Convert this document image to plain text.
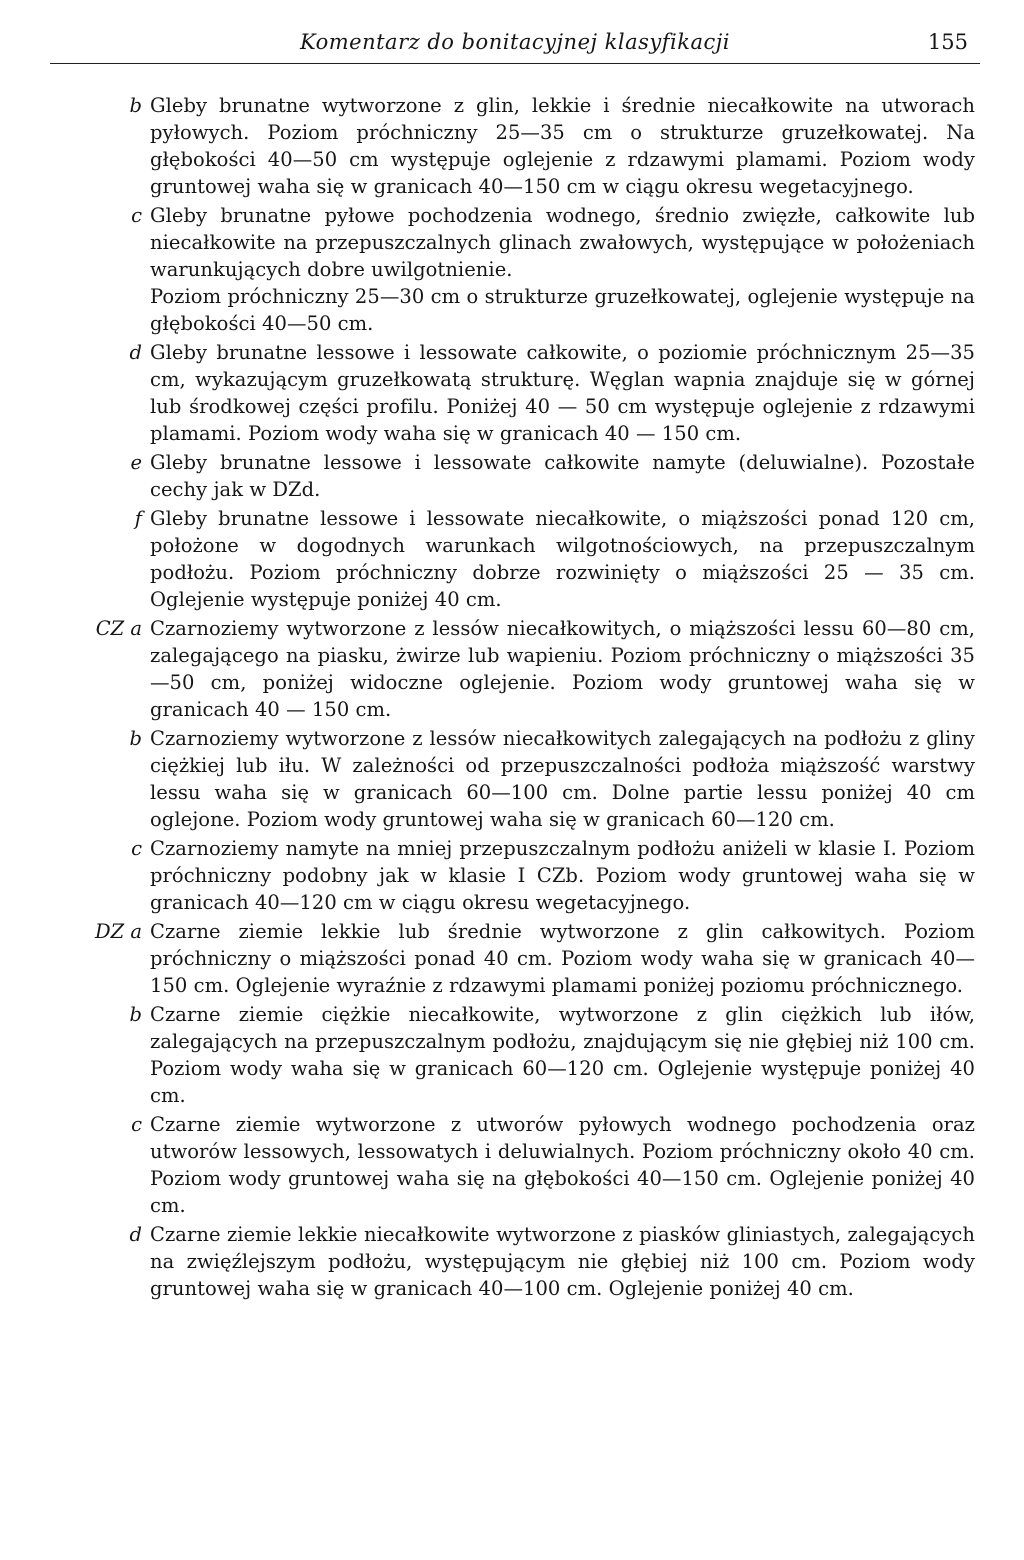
Komentarz do bonitacyjnej klasyfikacji	155
b Gleby brunatne wytworzone z glin, lekkie i średnie niecałkowite na utworach pyłowych. Poziom próchniczny 25—35 cm o strukturze gruzełkowatej. Na głębokości 40—50 cm występuje oglejenie z rdzawymi plamami. Poziom wody gruntowej waha się w granicach 40—150 cm w ciągu okresu wegetacyjnego.

c Gleby brunatne pyłowe pochodzenia wodnego, średnio zwięzłe, całkowite lub niecałkowite na przepuszczalnych glinach zwałowych, występujące w położeniach warunkujących dobre uwilgotnienie.

Poziom próchniczny 25—30 cm o strukturze gruzełkowatej, oglejenie występuje na głębokości 40—50 cm.

d Gleby brunatne lessowe i lessowate całkowite, o poziomie próchnicznym 25—35 cm, wykazującym gruzełkowatą strukturę. Węglan wapnia znajduje się w górnej lub środkowej części profilu. Poniżej 40 — 50 cm występuje oglejenie z rdzawymi plamami. Poziom wody waha się w granicach 40 — 150 cm.

e Gleby brunatne lessowe i lessowate całkowite namyte (deluwialne). Pozostałe cechy jak w DZd.

f Gleby brunatne lessowe i lessowate niecałkowite, o miąższości ponad 120 cm, położone w dogodnych warunkach wilgotnościowych, na przepuszczalnym podłożu. Poziom próchniczny dobrze rozwinięty o miąższości 25 — 35 cm. Oglejenie występuje poniżej 40 cm.

CZ a Czarnoziemy wytworzone z lessów niecałkowitych, o miąższości lessu 60—80 cm, zalegającego na piasku, żwirze lub wapieniu. Poziom próchniczny o miąższości 35—50 cm, poniżej widoczne oglejenie. Poziom wody gruntowej waha się w granicach 40 — 150 cm.

b Czarnoziemy wytworzone z lessów niecałkowitych zalegających na podłożu z gliny ciężkiej lub iłu. W zależności od przepuszczalności podłoża miąższość warstwy lessu waha się w granicach 60—100 cm. Dolne partie lessu poniżej 40 cm oglejone. Poziom wody gruntowej waha się w granicach 60—120 cm.

c Czarnoziemy namyte na mniej przepuszczalnym podłożu aniżeli w klasie I. Poziom próchniczny podobny jak w klasie I CZb. Poziom wody gruntowej waha się w granicach 40—120 cm w ciągu okresu wegetacyjnego.

DZ a Czarne ziemie lekkie lub średnie wytworzone z glin całkowitych. Poziom próchniczny o miąższości ponad 40 cm. Poziom wody waha się w granicach 40—150 cm. Oglejenie wyraźnie z rdzawymi plamami poniżej poziomu próchnicznego.

b Czarne ziemie ciężkie niecałkowite, wytworzone z glin ciężkich lub iłów, zalegających na przepuszczalnym podłożu, znajdującym się nie głębiej niż 100 cm. Poziom wody waha się w granicach 60—120 cm. Oglejenie występuje poniżej 40 cm.

c Czarne ziemie wytworzone z utworów pyłowych wodnego pochodzenia oraz utworów lessowych, lessowatych i deluwialnych. Poziom próchniczny około 40 cm. Poziom wody gruntowej waha się na głębokości 40—150 cm. Oglejenie poniżej 40 cm.

d Czarne ziemie lekkie niecałkowite wytworzone z piasków gliniastych, zalegających na zwięźlejszym podłożu, występującym nie głębiej niż 100 cm. Poziom wody gruntowej waha się w granicach 40—100 cm. Oglejenie poniżej 40 cm.
